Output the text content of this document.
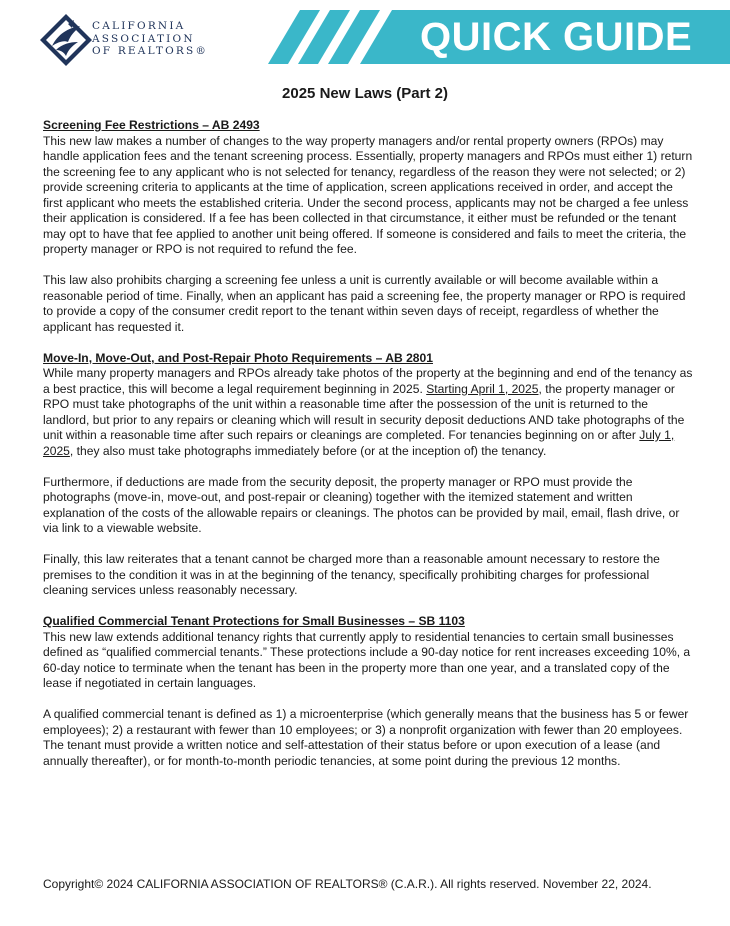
CALIFORNIA
ASSOCIATION
OF REALTORS®	QUICK GUIDE
2025 New Laws (Part 2)
Screening Fee Restrictions – AB 2493

This new law makes a number of changes to the way property managers and/or rental property owners (RPOs) may handle application fees and the tenant screening process. Essentially, property managers and RPOs must either 1) return the screening fee to any applicant who is not selected for tenancy, regardless of the reason they were not selected; or 2) provide screening criteria to applicants at the time of application, screen applications received in order, and accept the first applicant who meets the established criteria. Under the second process, applicants may not be charged a fee unless their application is considered. If a fee has been collected in that circumstance, it either must be refunded or the tenant may opt to have that fee applied to another unit being offered. If someone is considered and fails to meet the criteria, the property manager or RPO is not required to refund the fee.

This law also prohibits charging a screening fee unless a unit is currently available or will become available within a reasonable period of time. Finally, when an applicant has paid a screening fee, the property manager or RPO is required to provide a copy of the consumer credit report to the tenant within seven days of receipt, regardless of whether the applicant has requested it.

Move-In, Move-Out, and Post-Repair Photo Requirements – AB 2801

While many property managers and RPOs already take photos of the property at the beginning and end of the tenancy as a best practice, this will become a legal requirement beginning in 2025. Starting April 1, 2025, the property manager or RPO must take photographs of the unit within a reasonable time after the possession of the unit is returned to the landlord, but prior to any repairs or cleaning which will result in security deposit deductions AND take photographs of the unit within a reasonable time after such repairs or cleanings are completed. For tenancies beginning on or after July 1, 2025, they also must take photographs immediately before (or at the inception of) the tenancy.

Furthermore, if deductions are made from the security deposit, the property manager or RPO must provide the photographs (move-in, move-out, and post-repair or cleaning) together with the itemized statement and written explanation of the costs of the allowable repairs or cleanings. The photos can be provided by mail, email, flash drive, or via link to a viewable website.

Finally, this law reiterates that a tenant cannot be charged more than a reasonable amount necessary to restore the premises to the condition it was in at the beginning of the tenancy, specifically prohibiting charges for professional cleaning services unless reasonably necessary.

Qualified Commercial Tenant Protections for Small Businesses – SB 1103

This new law extends additional tenancy rights that currently apply to residential tenancies to certain small businesses defined as “qualified commercial tenants.” These protections include a 90-day notice for rent increases exceeding 10%, a 60-day notice to terminate when the tenant has been in the property more than one year, and a translated copy of the lease if negotiated in certain languages.

A qualified commercial tenant is defined as 1) a microenterprise (which generally means that the business has 5 or fewer employees); 2) a restaurant with fewer than 10 employees; or 3) a nonprofit organization with fewer than 20 employees. The tenant must provide a written notice and self-attestation of their status before or upon execution of a lease (and annually thereafter), or for month-to-month periodic tenancies, at some point during the previous 12 months.

Copyright© 2024 CALIFORNIA ASSOCIATION OF REALTORS® (C.A.R.). All rights reserved. November 22, 2024.
